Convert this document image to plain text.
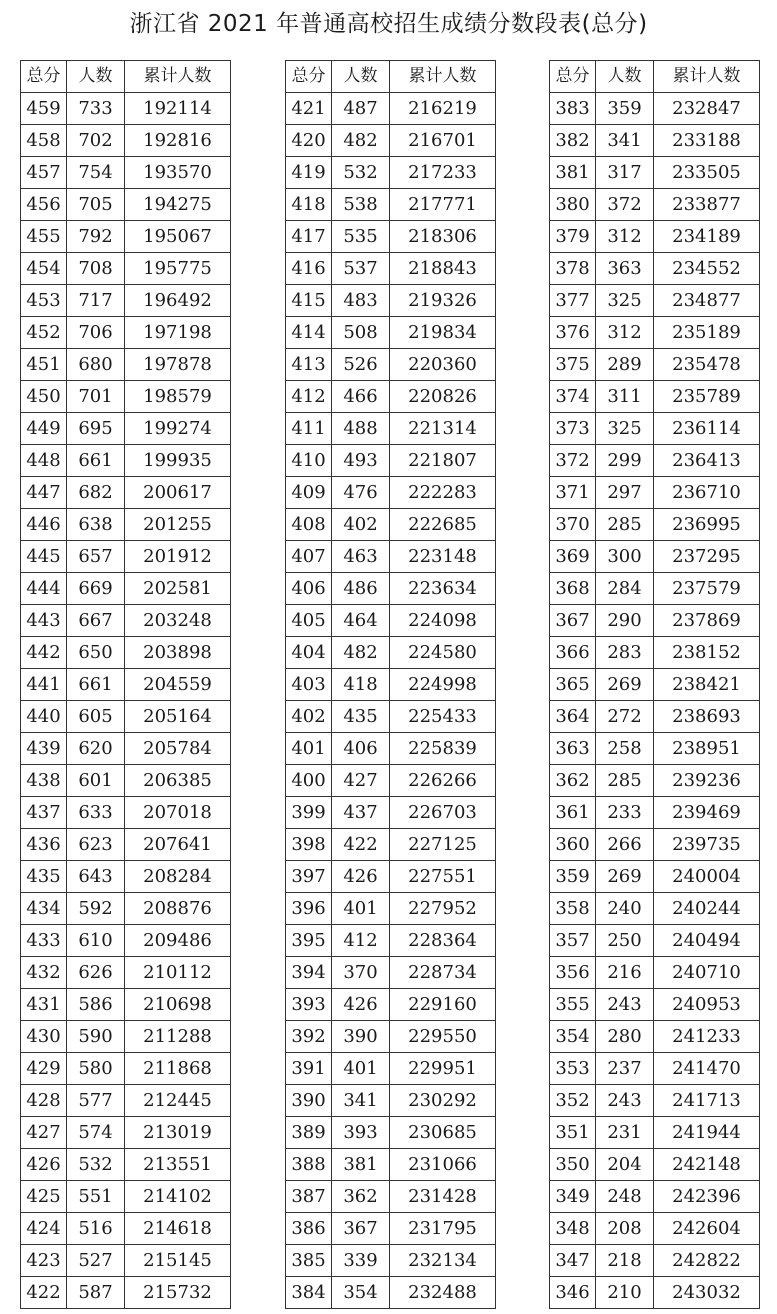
浙江省 2021 年普通高校招生成绩分数段表(总分)
总分	人数	累计人数
459	733	192114
458	702	192816
457	754	193570
456	705	194275
455	792	195067
454	708	195775
453	717	196492
452	706	197198
451	680	197878
450	701	198579
449	695	199274
448	661	199935
447	682	200617
446	638	201255
445	657	201912
444	669	202581
443	667	203248
442	650	203898
441	661	204559
440	605	205164
439	620	205784
438	601	206385
437	633	207018
436	623	207641
435	643	208284
434	592	208876
433	610	209486
432	626	210112
431	586	210698
430	590	211288
429	580	211868
428	577	212445
427	574	213019
426	532	213551
425	551	214102
424	516	214618
423	527	215145
422	587	215732
总分	人数	累计人数
421	487	216219
420	482	216701
419	532	217233
418	538	217771
417	535	218306
416	537	218843
415	483	219326
414	508	219834
413	526	220360
412	466	220826
411	488	221314
410	493	221807
409	476	222283
408	402	222685
407	463	223148
406	486	223634
405	464	224098
404	482	224580
403	418	224998
402	435	225433
401	406	225839
400	427	226266
399	437	226703
398	422	227125
397	426	227551
396	401	227952
395	412	228364
394	370	228734
393	426	229160
392	390	229550
391	401	229951
390	341	230292
389	393	230685
388	381	231066
387	362	231428
386	367	231795
385	339	232134
384	354	232488
总分	人数	累计人数
383	359	232847
382	341	233188
381	317	233505
380	372	233877
379	312	234189
378	363	234552
377	325	234877
376	312	235189
375	289	235478
374	311	235789
373	325	236114
372	299	236413
371	297	236710
370	285	236995
369	300	237295
368	284	237579
367	290	237869
366	283	238152
365	269	238421
364	272	238693
363	258	238951
362	285	239236
361	233	239469
360	266	239735
359	269	240004
358	240	240244
357	250	240494
356	216	240710
355	243	240953
354	280	241233
353	237	241470
352	243	241713
351	231	241944
350	204	242148
349	248	242396
348	208	242604
347	218	242822
346	210	243032
